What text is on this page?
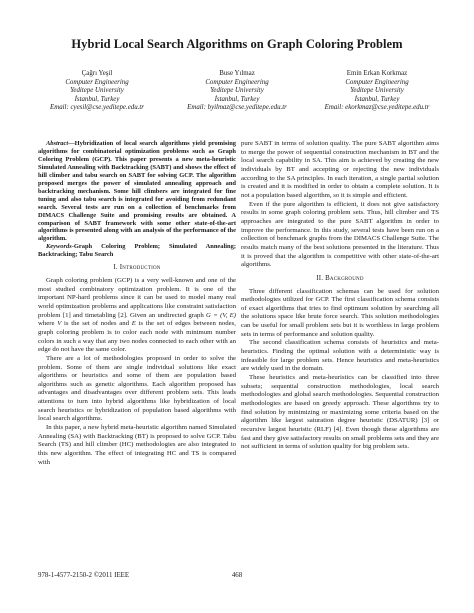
Hybrid Local Search Algorithms on Graph Coloring Problem
Çağrı Yeşil
Computer Engineering
Yeditepe University
İstanbul, Turkey
Email: cyesil@cse.yeditepe.edu.tr
Buse Yılmaz
Computer Engineering
Yeditepe University
İstanbul, Turkey
Email: byilmaz@cse.yeditepe.edu.tr
Emin Erkan Korkmaz
Computer Engineering
Yeditepe University
İstanbul, Turkey
Email: ekorkmaz@cse.yeditepe.edu.tr

Abstract—Hybridization of local search algorithms yield promising algorithms for combinatorial optimization problems such as Graph Coloring Problem (GCP). This paper presents a new meta-heuristic Simulated Annealing with Backtracking (SABT) and shows the effect of hill climber and tabu search on SABT for solving GCP. The algorithm proposed merges the power of simulated annealing approach and backtracking mechanism. Some hill climbers are integrated for fine tuning and also tabu search is integrated for avoiding from redundant search. Several tests are run on a collection of benchmarks from DIMACS Challenge Suite and promising results are obtained. A comparison of SABT framework with some other state-of-the-art algorithms is presented along with an analysis of the performance of the algorithm.

Keywords-Graph Coloring Problem; Simulated Annealing; Backtracking; Tabu Search

I. Introduction

Graph coloring problem (GCP) is a very well-known and one of the most studied combinatory optimization problem. It is one of the important NP-hard problems since it can be used to model many real world optimization problems and applications like constraint satisfaction problem [1] and timetabling [2]. Given an undirected graph G = (V, E) where V is the set of nodes and E is the set of edges between nodes, graph coloring problem is to color each node with minimum number colors in such a way that any two nodes connected to each other with an edge do not have the same color.

There are a lot of methodologies proposed in order to solve the problem. Some of them are single individual solutions like exact algorithms or heuristics and some of them are population based algorithms such as genetic algorithms. Each algorithm proposed has advantages and disadvantages over different problem sets. This leads attentions to turn into hybrid algorithms like hybridization of local search heuristics or hybridization of population based algorithms with local search algorithms.

In this paper, a new hybrid meta-heuristic algorithm named Simulated Annealing (SA) with Backtracking (BT) is proposed to solve GCP. Tabu Search (TS) and hill climber (HC) methodologies are also integrated to this new algorithm. The effect of integrating HC and TS is compared with

pure SABT in terms of solution quality. The pure SABT algorithm aims to merge the power of sequential construction mechanism in BT and the local search capability in SA. This aim is achieved by creating the new individuals by BT and accepting or rejecting the new individuals according to the SA principles. In each iteration, a single partial solution is created and it is modified in order to obtain a complete solution. It is not a population based algorithm, so it is simple and efficient.

Even if the pure algorithm is efficient, it does not give satisfactory results in some graph coloring problem sets. Thus, hill climber and TS approaches are integrated to the pure SABT algorithm in order to improve the performance. In this study, several tests have been run on a collection of benchmark graphs from the DIMACS Challenge Suite. The results match many of the best solutions presented in the literature. Thus it is proved that the algorithm is competitive with other state-of-the-art algorithms.

II. Background

Three different classification schemas can be used for solution methodologies utilized for GCP. The first classification schema consists of exact algorithms that tries to find optimum solution by searching all the solutions space like brute force search. This solution methodologies can be useful for small problem sets but it is worthless in large problem sets in terms of performance and solution quality.

The second classification schema consists of heuristics and meta-heuristics. Finding the optimal solution with a deterministic way is infeasible for large problem sets. Hence heuristics and meta-heuristics are widely used in the domain.

These heuristics and meta-heuristics can be classified into three subsets; sequential construction methodologies, local search methodologies and global search methodologies. Sequential construction methodologies are based on greedy approach. These algorithms try to find solution by minimizing or maximizing some criteria based on the algorithm like largest saturation degree heuristic (DSATUR) [3] or recursive largest heuristic (RLF) [4]. Even though these algorithms are fast and they give satisfactory results on small problems sets and they are not sufficient in terms of solution quality for big problem sets.

978-1-4577-2150-2 ©2011 IEEE	468
